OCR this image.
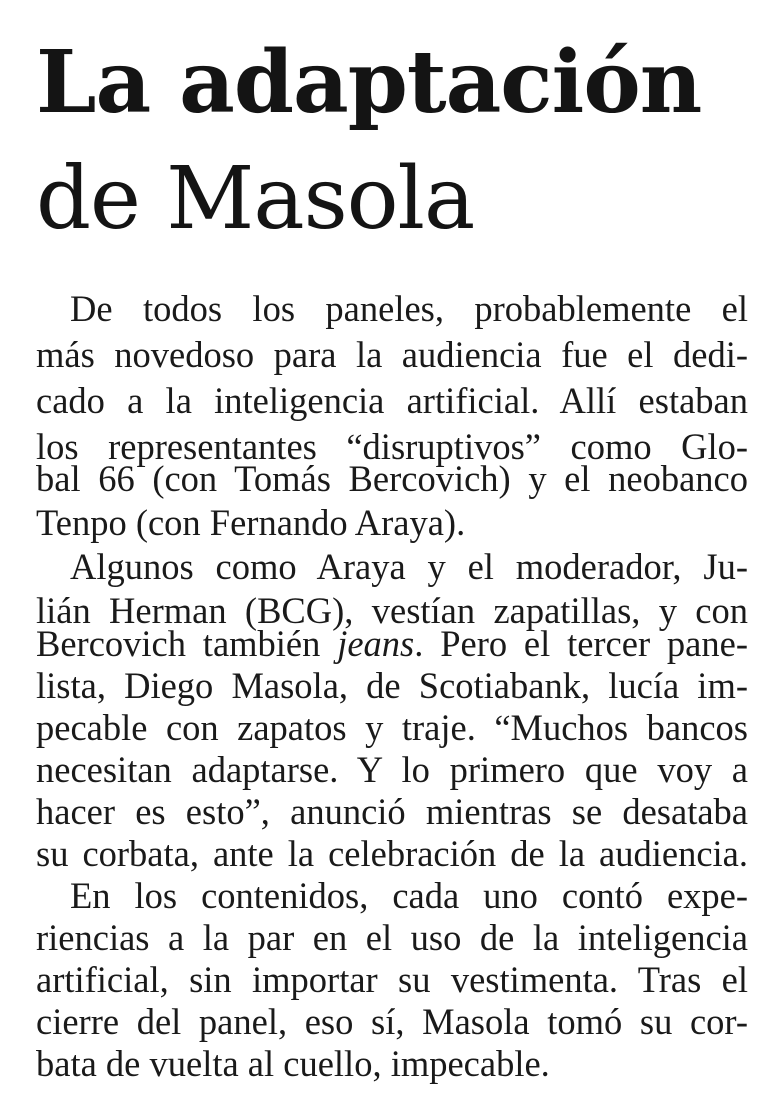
La adaptación
de Masola
De todos los paneles, probablemente el
más novedoso para la audiencia fue el dedi-
cado a la inteligencia artificial. Allí estaban
los representantes “disruptivos” como Glo-
bal 66 (con Tomás Bercovich) y el neobanco
Tenpo (con Fernando Araya).
Algunos como Araya y el moderador, Ju-
lián Herman (BCG), vestían zapatillas, y con
Bercovich también jeans. Pero el tercer pane-
lista, Diego Masola, de Scotiabank, lucía im-
pecable con zapatos y traje. “Muchos bancos
necesitan adaptarse. Y lo primero que voy a
hacer es esto”, anunció mientras se desataba
su corbata, ante la celebración de la audiencia.
En los contenidos, cada uno contó expe-
riencias a la par en el uso de la inteligencia
artificial, sin importar su vestimenta. Tras el
cierre del panel, eso sí, Masola tomó su cor-
bata de vuelta al cuello, impecable.
